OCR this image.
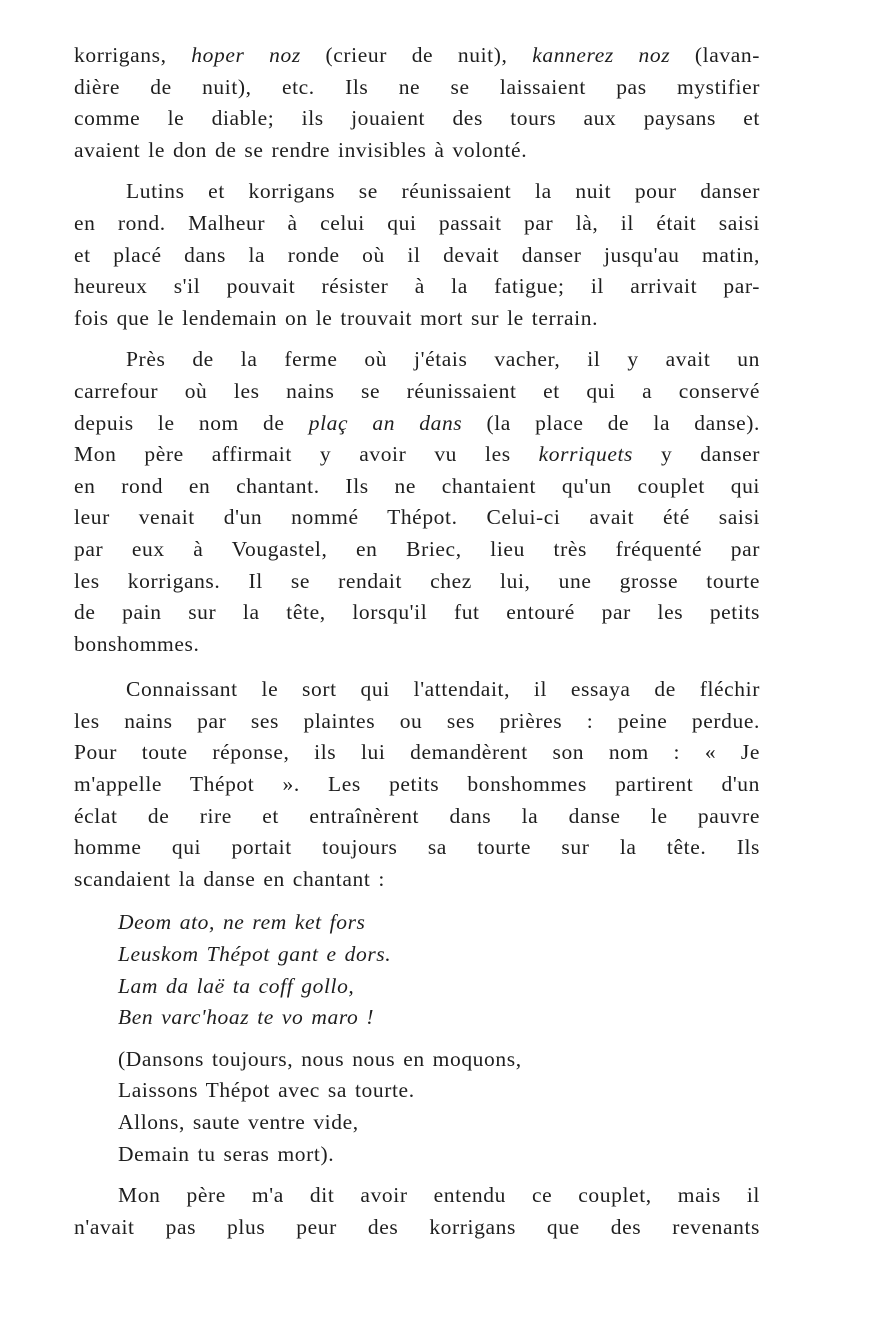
korrigans, hoper noz (crieur de nuit), kannerez noz (lavan-
dière de nuit), etc. Ils ne se laissaient pas mystifier
comme le diable; ils jouaient des tours aux paysans et
avaient le don de se rendre invisibles à volonté.
Lutins et korrigans se réunissaient la nuit pour danser
en rond. Malheur à celui qui passait par là, il était saisi
et placé dans la ronde où il devait danser jusqu'au matin,
heureux s'il pouvait résister à la fatigue; il arrivait par-
fois que le lendemain on le trouvait mort sur le terrain.
Près de la ferme où j'étais vacher, il y avait un
carrefour où les nains se réunissaient et qui a conservé
depuis le nom de plaç an dans (la place de la danse).
Mon père affirmait y avoir vu les korriquets y danser
en rond en chantant. Ils ne chantaient qu'un couplet qui
leur venait d'un nommé Thépot. Celui-ci avait été saisi
par eux à Vougastel, en Briec, lieu très fréquenté par
les korrigans. Il se rendait chez lui, une grosse tourte
de pain sur la tête, lorsqu'il fut entouré par les petits
bonshommes.
Connaissant le sort qui l'attendait, il essaya de fléchir
les nains par ses plaintes ou ses prières : peine perdue.
Pour toute réponse, ils lui demandèrent son nom : « Je
m'appelle Thépot ». Les petits bonshommes partirent d'un
éclat de rire et entraînèrent dans la danse le pauvre
homme qui portait toujours sa tourte sur la tête. Ils
scandaient la danse en chantant :
Deom ato, ne rem ket fors
Leuskom Thépot gant e dors.
Lam da laë ta coff gollo,
Ben varc'hoaz te vo maro !
(Dansons toujours, nous nous en moquons,
Laissons Thépot avec sa tourte.
Allons, saute ventre vide,
Demain tu seras mort).
Mon père m'a dit avoir entendu ce couplet, mais il
n'avait pas plus peur des korrigans que des revenants
